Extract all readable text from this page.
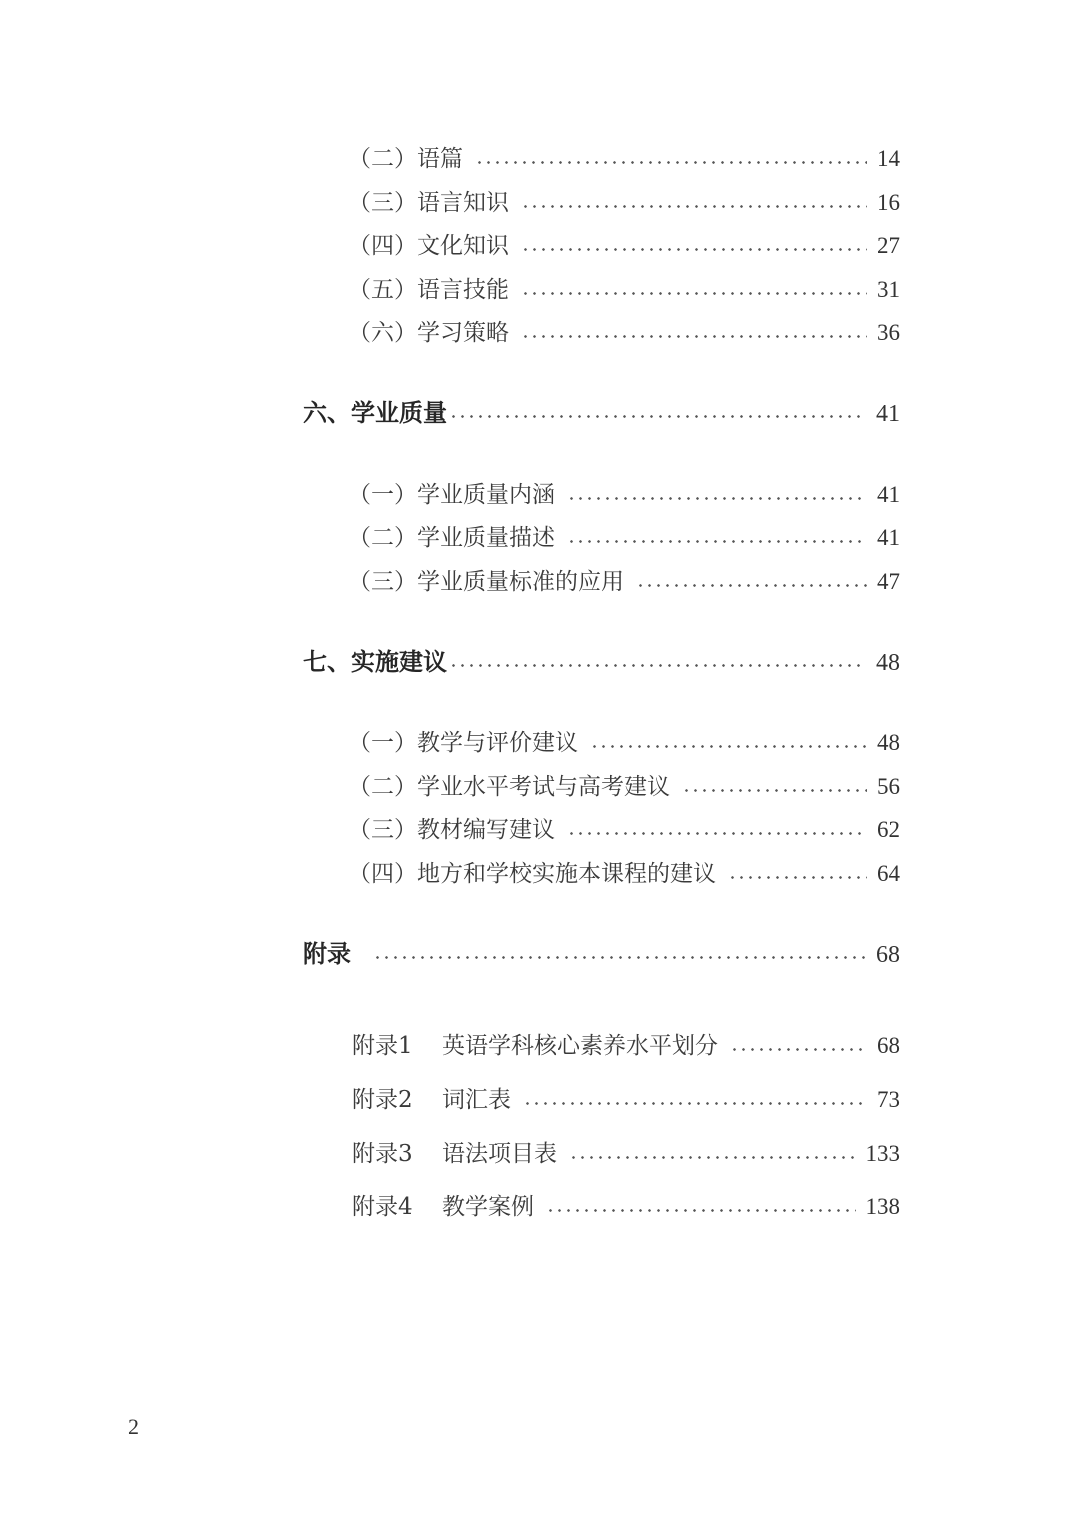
（二） 语篇	14
（三） 语言知识	16
（四） 文化知识	27
（五） 语言技能	31
（六） 学习策略	36
六、 学业质量	41
（一） 学业质量内涵	41
（二） 学业质量描述	41
（三） 学业质量标准的应用	47
七、 实施建议	48
（一） 教学与评价建议	48
（二） 学业水平考试与高考建议	56
（三） 教材编写建议	62
（四） 地方和学校实施本课程的建议	64
附录	68
附录1	英语学科核心素养水平划分	68
附录2	词汇表	73
附录3	语法项目表	133
附录4	教学案例	138
2
